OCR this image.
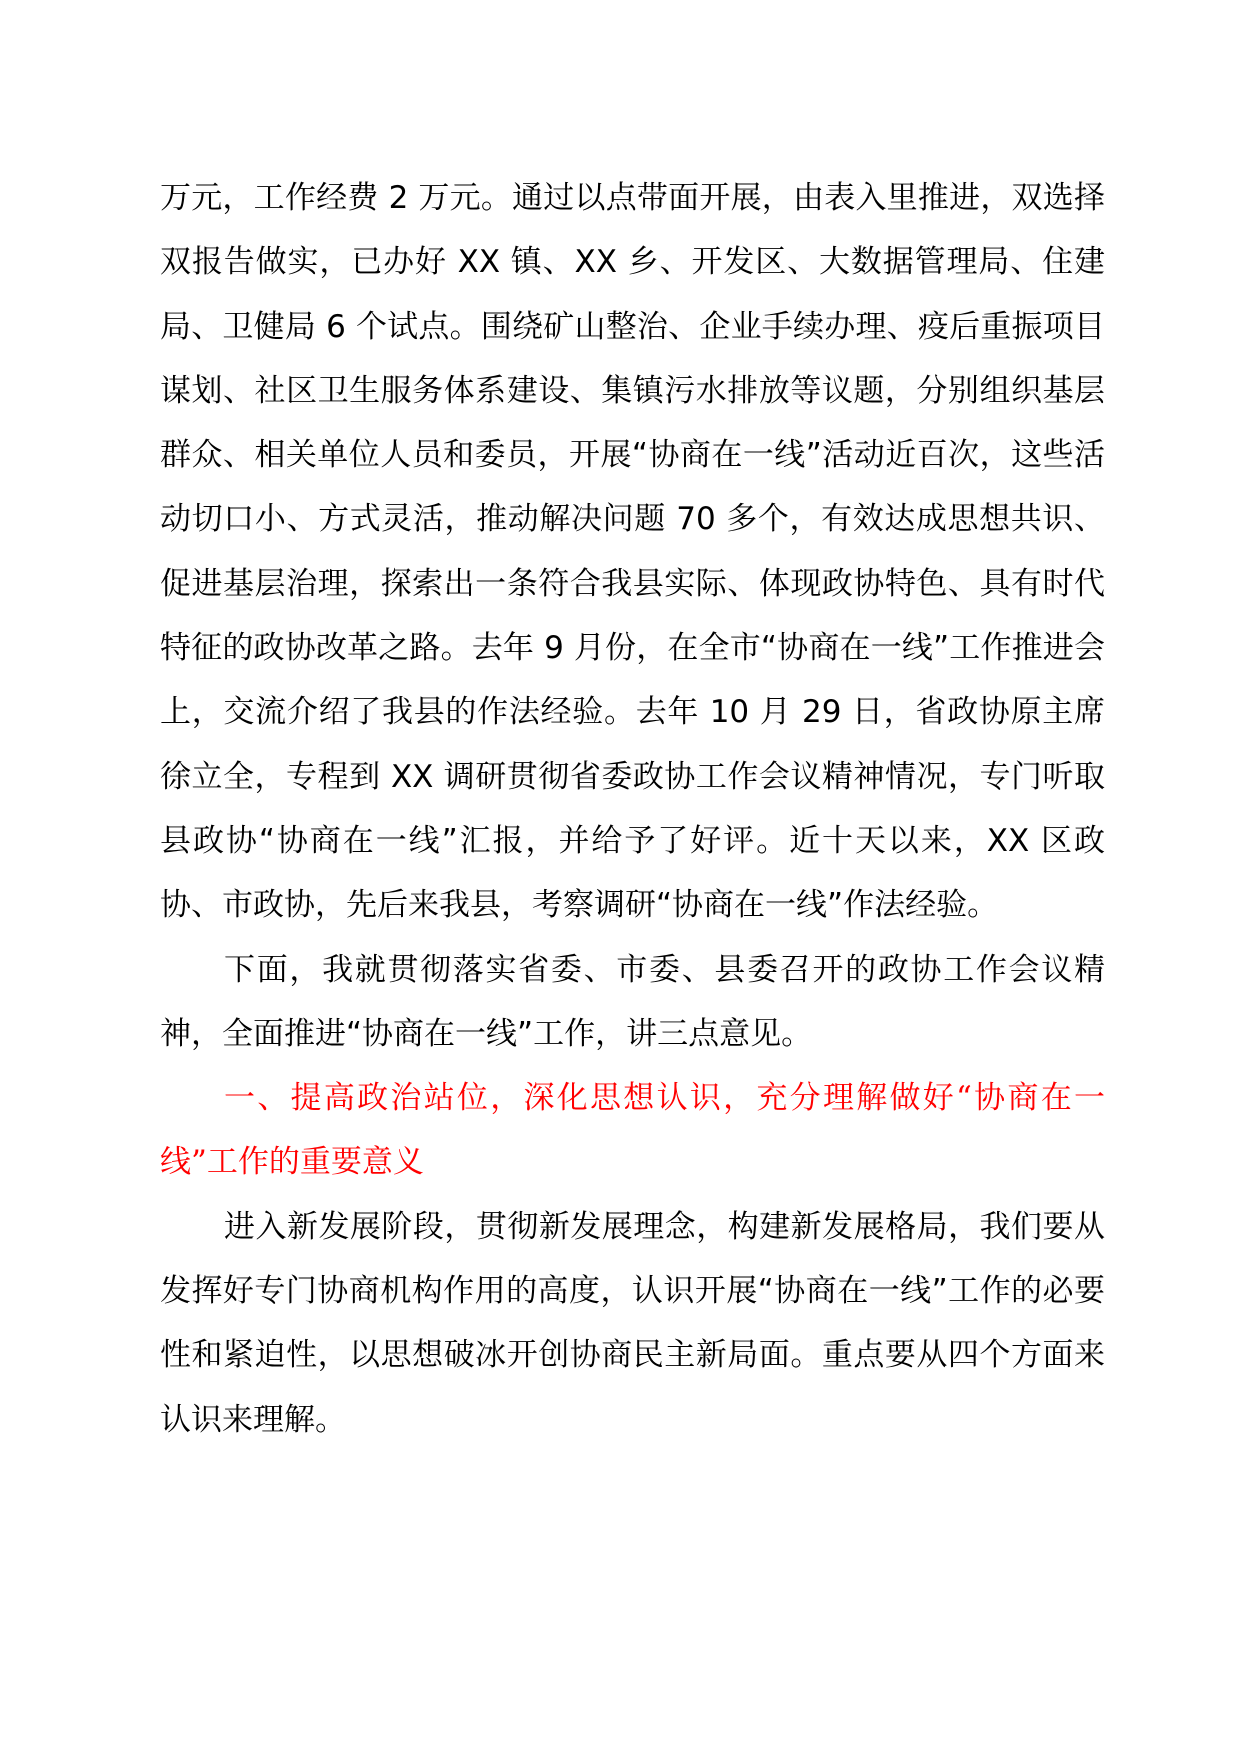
万元，工作经费 2 万元。通过以点带面开展，由表入里推进，双选择双报告做实，已办好 XX 镇、XX 乡、开发区、大数据管理局、住建局、卫健局 6 个试点。围绕矿山整治、企业手续办理、疫后重振项目谋划、社区卫生服务体系建设、集镇污水排放等议题，分别组织基层群众、相关单位人员和委员，开展“协商在一线”活动近百次，这些活动切口小、方式灵活，推动解决问题 70 多个，有效达成思想共识、促进基层治理，探索出一条符合我县实际、体现政协特色、具有时代特征的政协改革之路。去年 9 月份，在全市“协商在一线”工作推进会上，交流介绍了我县的作法经验。去年 10 月 29 日，省政协原主席徐立全，专程到 XX 调研贯彻省委政协工作会议精神情况，专门听取县政协“协商在一线”汇报，并给予了好评。近十天以来，XX 区政协、市政协，先后来我县，考察调研“协商在一线”作法经验。

下面，我就贯彻落实省委、市委、县委召开的政协工作会议精神，全面推进“协商在一线”工作，讲三点意见。

一、提高政治站位，深化思想认识，充分理解做好“协商在一线”工作的重要意义

进入新发展阶段，贯彻新发展理念，构建新发展格局，我们要从发挥好专门协商机构作用的高度，认识开展“协商在一线”工作的必要性和紧迫性，以思想破冰开创协商民主新局面。重点要从四个方面来认识来理解。
